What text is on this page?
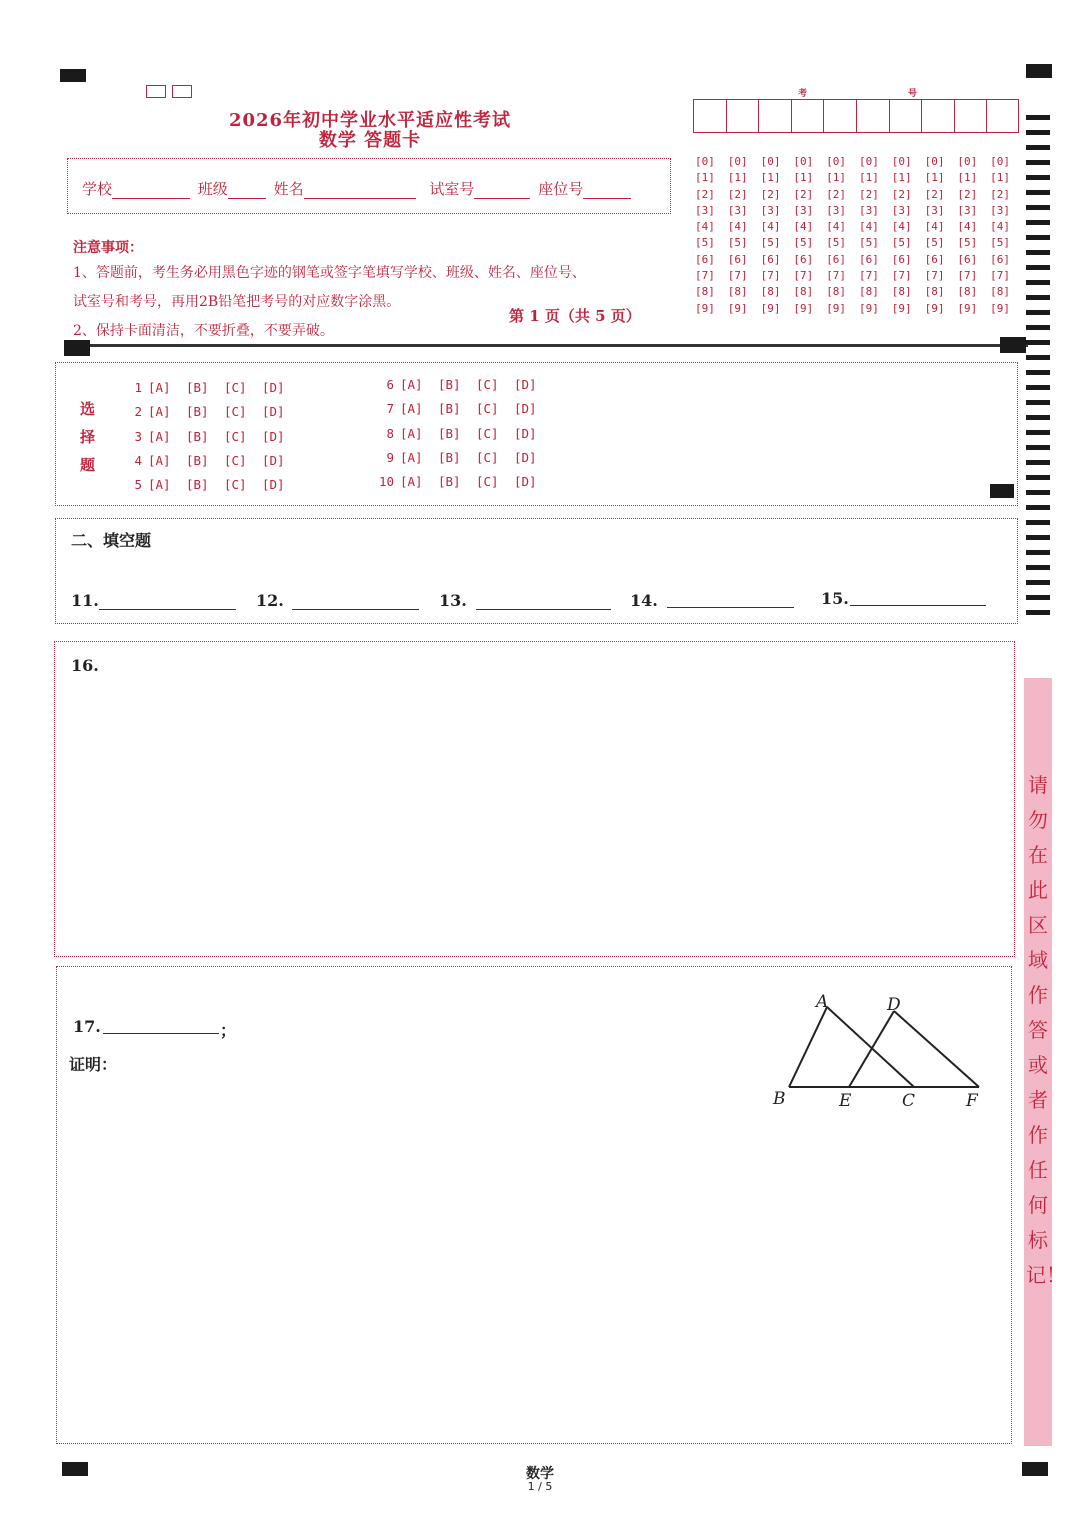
2026年初中学业水平适应性考试
数学 答题卡
学校	班级	姓名	试室号	座位号
注意事项：
1、答题前，考生务必用黑色字迹的钢笔或签字笔填写学校、班级、姓名、座位号、
试室号和考号，再用2B铅笔把考号的对应数字涂黑。
2、保持卡面清洁，不要折叠，不要弄破。
第 1 页（共 5 页）
考	号
[0]	[0]	[0]	[0]	[0]	[0]	[0]	[0]	[0]	[0]
[1]	[1]	[1]	[1]	[1]	[1]	[1]	[1]	[1]	[1]
[2]	[2]	[2]	[2]	[2]	[2]	[2]	[2]	[2]	[2]
[3]	[3]	[3]	[3]	[3]	[3]	[3]	[3]	[3]	[3]
[4]	[4]	[4]	[4]	[4]	[4]	[4]	[4]	[4]	[4]
[5]	[5]	[5]	[5]	[5]	[5]	[5]	[5]	[5]	[5]
[6]	[6]	[6]	[6]	[6]	[6]	[6]	[6]	[6]	[6]
[7]	[7]	[7]	[7]	[7]	[7]	[7]	[7]	[7]	[7]
[8]	[8]	[8]	[8]	[8]	[8]	[8]	[8]	[8]	[8]
[9]	[9]	[9]	[9]	[9]	[9]	[9]	[9]	[9]	[9]
选
择
题
1 [A] [B] [C] [D]
2 [A] [B] [C] [D]
3 [A] [B] [C] [D]
4 [A] [B] [C] [D]
5 [A] [B] [C] [D]
6 [A] [B] [C] [D]
7 [A] [B] [C] [D]
8 [A] [B] [C] [D]
9 [A] [B] [C] [D]
10 [A] [B] [C] [D]
二、填空题
11.	12.	13.	14.	15.
16.
17.	；
证明：
A	D
B	E	C	F
请勿在此区域作答或者作任何标记！
数学
1 / 5
